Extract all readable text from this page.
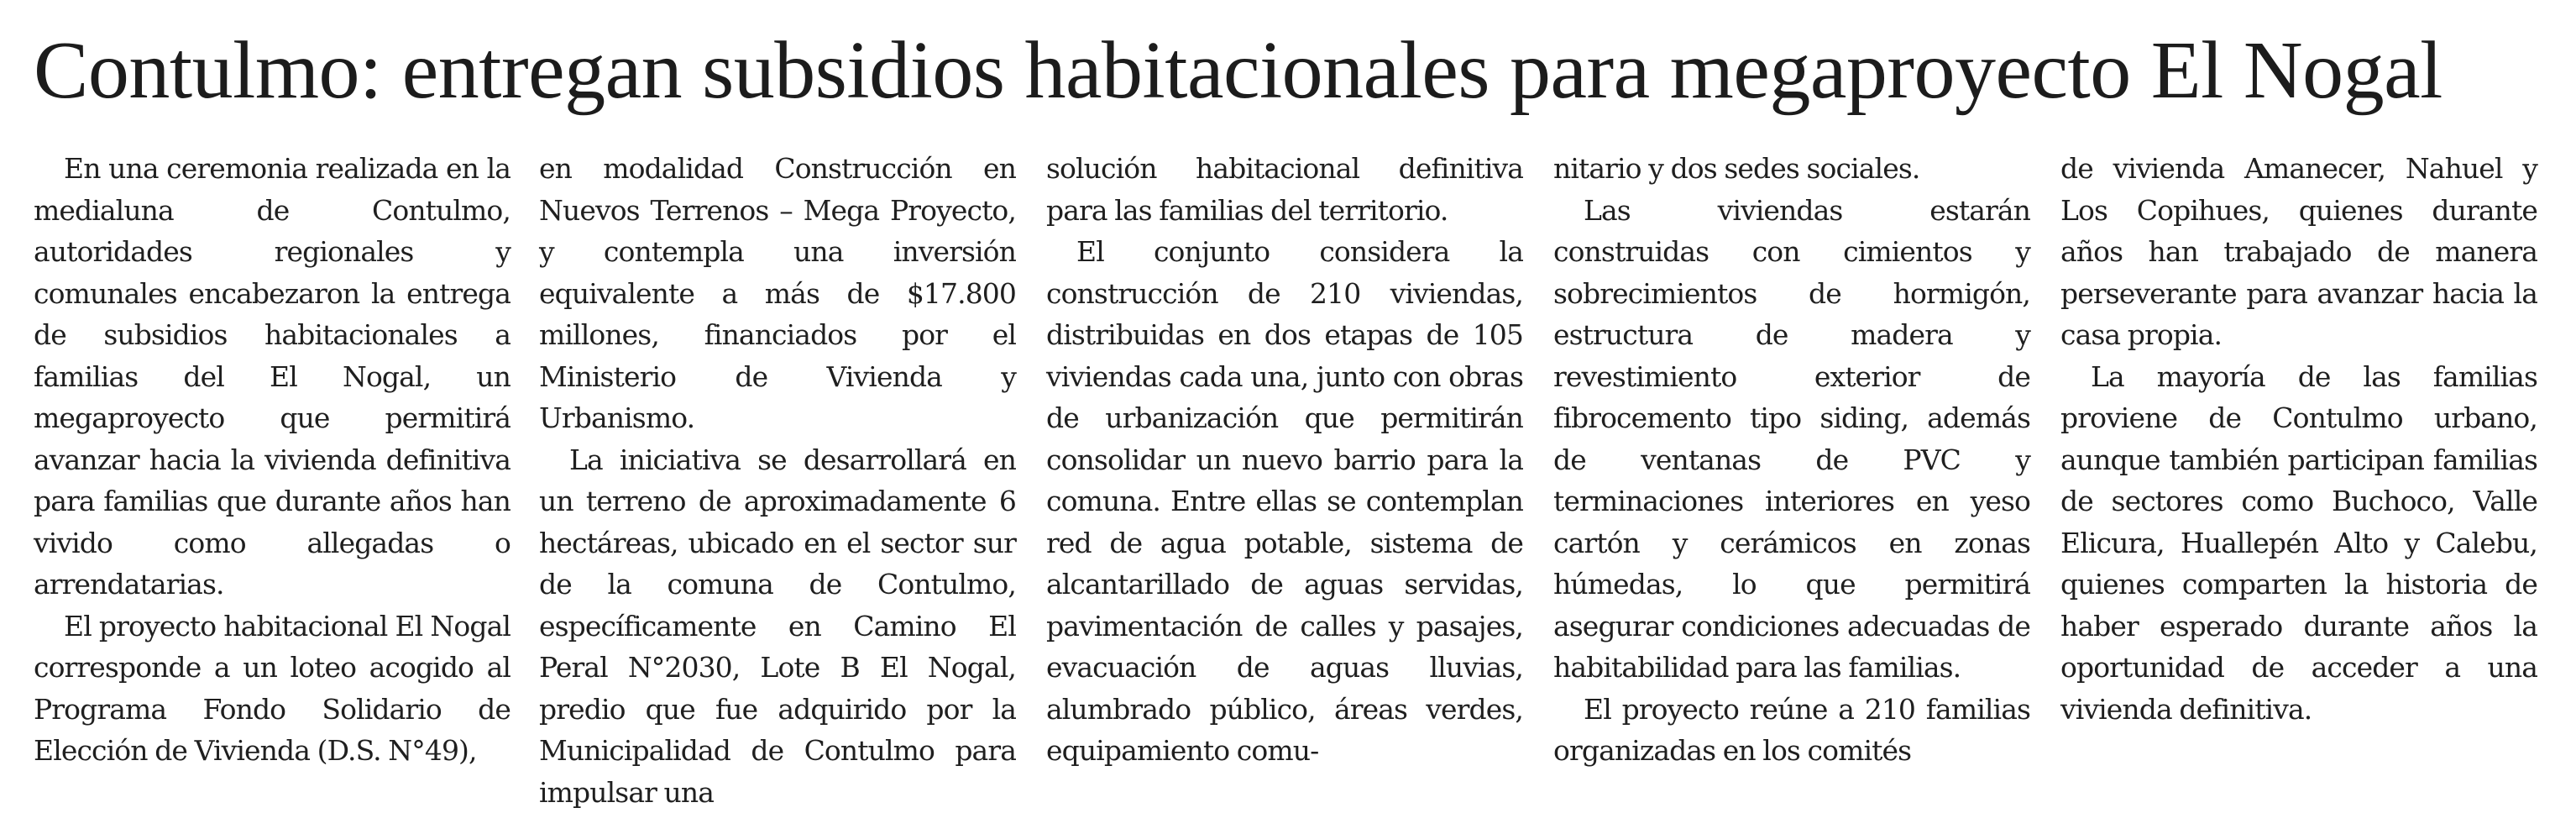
Contulmo: entregan subsidios habitacionales para megaproyecto El Nogal

En una ceremonia realizada en la medialuna de Contulmo, autoridades regionales y comunales encabezaron la entrega de subsidios habitacionales a familias del El Nogal, un megaproyecto que permitirá avanzar hacia la vivienda definitiva para familias que durante años han vivido como allegadas o arrendatarias.

El proyecto habitacional El Nogal corresponde a un loteo acogido al Programa Fondo Solidario de Elección de Vivienda (D.S. N°49),

en modalidad Construcción en Nuevos Terrenos – Mega Proyecto, y contempla una inversión equivalente a más de $17.800 millones, financiados por el Ministerio de Vivienda y Urbanismo.

La iniciativa se desarrollará en un terreno de aproximadamente 6 hectáreas, ubicado en el sector sur de la comuna de Contulmo, específicamente en Camino El Peral N°2030, Lote B El Nogal, predio que fue adquirido por la Municipalidad de Contulmo para impulsar una

solución habitacional definitiva para las familias del territorio.

El conjunto considera la construcción de 210 viviendas, distribuidas en dos etapas de 105 viviendas cada una, junto con obras de urbanización que permitirán consolidar un nuevo barrio para la comuna. Entre ellas se contemplan red de agua potable, sistema de alcantarillado de aguas servidas, pavimentación de calles y pasajes, evacuación de aguas lluvias, alumbrado público, áreas verdes, equipamiento comu-

nitario y dos sedes sociales.

Las viviendas estarán construidas con cimientos y sobrecimientos de hormigón, estructura de madera y revestimiento exterior de fibrocemento tipo siding, además de ventanas de PVC y terminaciones interiores en yeso cartón y cerámicos en zonas húmedas, lo que permitirá asegurar condiciones adecuadas de habitabilidad para las familias.

El proyecto reúne a 210 familias organizadas en los comités

de vivienda Amanecer, Nahuel y Los Copihues, quienes durante años han trabajado de manera perseverante para avanzar hacia la casa propia.

La mayoría de las familias proviene de Contulmo urbano, aunque también participan familias de sectores como Buchoco, Valle Elicura, Huallepén Alto y Calebu, quienes comparten la historia de haber esperado durante años la oportunidad de acceder a una vivienda definitiva.
